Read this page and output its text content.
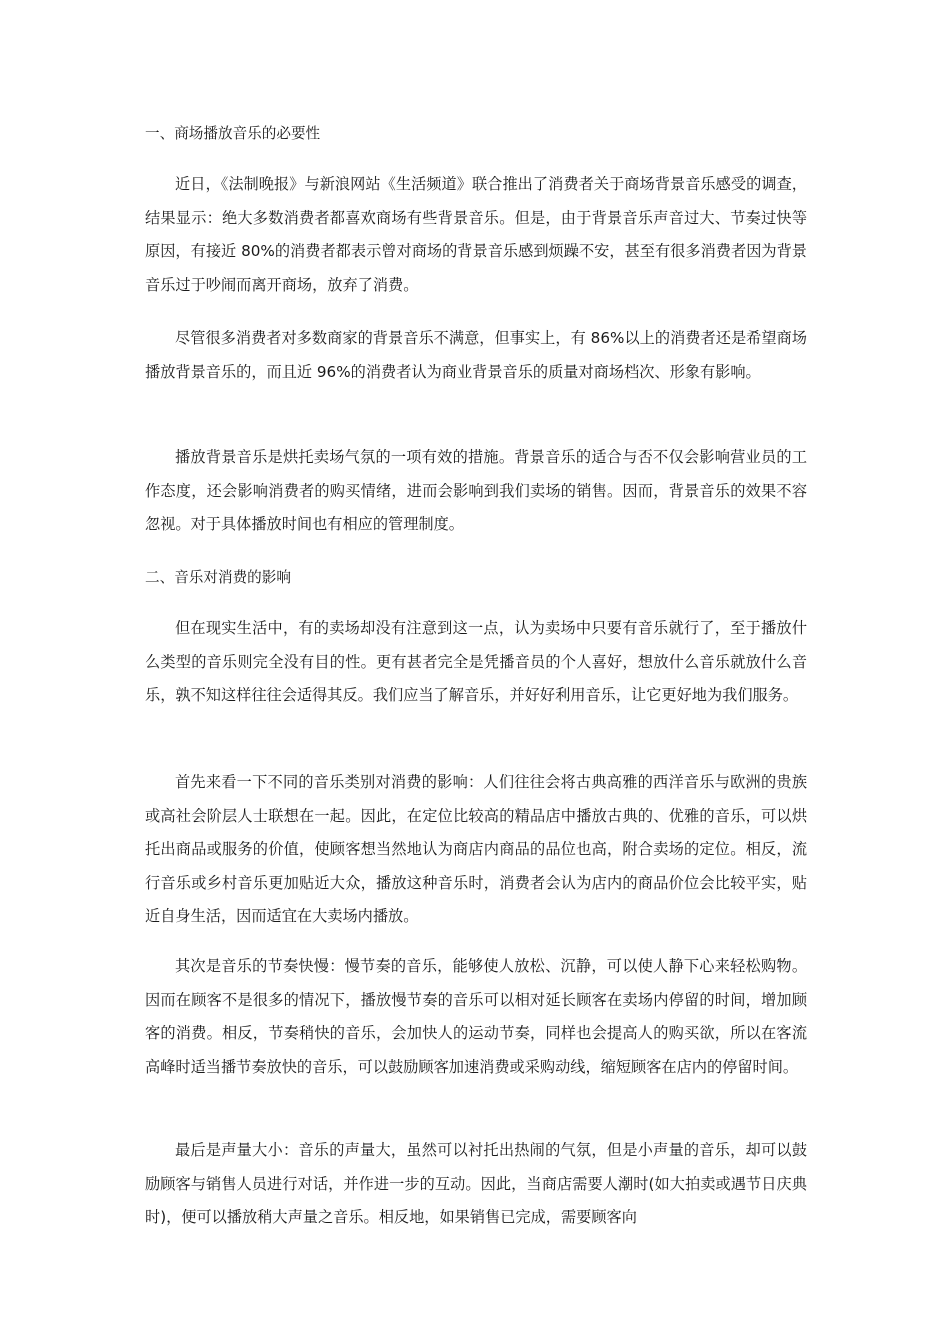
一、商场播放音乐的必要性

近日，《法制晚报》与新浪网站《生活频道》联合推出了消费者关于商场背景音乐感受的调查，结果显示：绝大多数消费者都喜欢商场有些背景音乐。但是，由于背景音乐声音过大、节奏过快等原因，有接近 80%的消费者都表示曾对商场的背景音乐感到烦躁不安，甚至有很多消费者因为背景音乐过于吵闹而离开商场，放弃了消费。

尽管很多消费者对多数商家的背景音乐不满意，但事实上，有 86%以上的消费者还是希望商场播放背景音乐的，而且近 96%的消费者认为商业背景音乐的质量对商场档次、形象有影响。

播放背景音乐是烘托卖场气氛的一项有效的措施。背景音乐的适合与否不仅会影响营业员的工作态度，还会影响消费者的购买情绪，进而会影响到我们卖场的销售。因而，背景音乐的效果不容忽视。对于具体播放时间也有相应的管理制度。

二、音乐对消费的影响

但在现实生活中，有的卖场却没有注意到这一点，认为卖场中只要有音乐就行了，至于播放什么类型的音乐则完全没有目的性。更有甚者完全是凭播音员的个人喜好，想放什么音乐就放什么音乐，孰不知这样往往会适得其反。我们应当了解音乐，并好好利用音乐，让它更好地为我们服务。

首先来看一下不同的音乐类别对消费的影响：人们往往会将古典高雅的西洋音乐与欧洲的贵族或高社会阶层人士联想在一起。因此，在定位比较高的精品店中播放古典的、优雅的音乐，可以烘托出商品或服务的价值，使顾客想当然地认为商店内商品的品位也高，附合卖场的定位。相反，流行音乐或乡村音乐更加贴近大众，播放这种音乐时，消费者会认为店内的商品价位会比较平实，贴近自身生活，因而适宜在大卖场内播放。

其次是音乐的节奏快慢：慢节奏的音乐，能够使人放松、沉静，可以使人静下心来轻松购物。因而在顾客不是很多的情况下，播放慢节奏的音乐可以相对延长顾客在卖场内停留的时间，增加顾客的消费。相反，节奏稍快的音乐，会加快人的运动节奏，同样也会提高人的购买欲，所以在客流高峰时适当播节奏放快的音乐，可以鼓励顾客加速消费或采购动线，缩短顾客在店内的停留时间。

最后是声量大小：音乐的声量大，虽然可以衬托出热闹的气氛，但是小声量的音乐，却可以鼓励顾客与销售人员进行对话，并作进一步的互动。因此，当商店需要人潮时(如大拍卖或遇节日庆典时)，便可以播放稍大声量之音乐。相反地，如果销售已完成，需要顾客向
